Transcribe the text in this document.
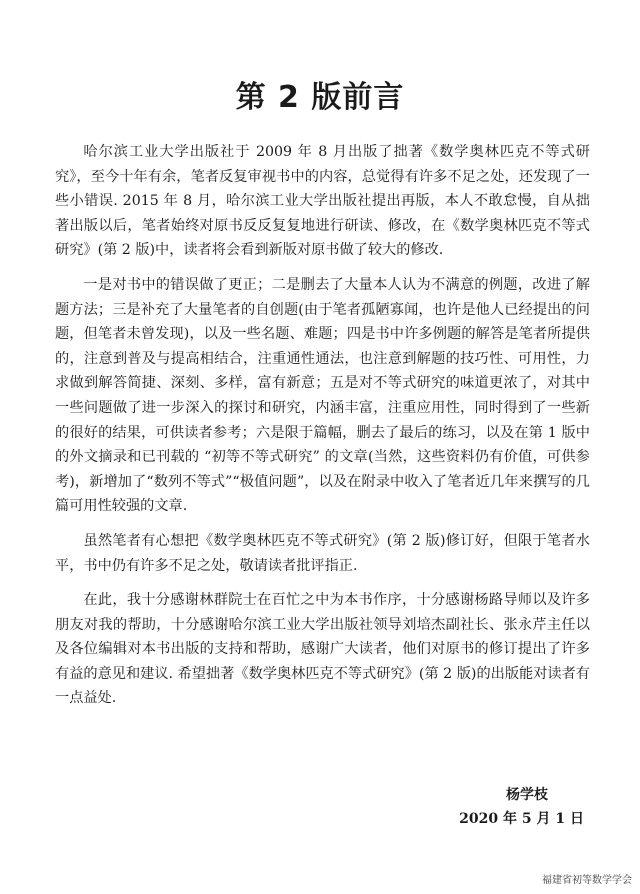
第 2 版前言

哈尔滨工业大学出版社于 2009 年 8 月出版了拙著《数学奥林匹克不等式研究》，至今十年有余，笔者反复审视书中的内容，总觉得有许多不足之处，还发现了一些小错误. 2015 年 8 月，哈尔滨工业大学出版社提出再版，本人不敢怠慢，自从拙著出版以后，笔者始终对原书反反复复地进行研读、修改，在《数学奥林匹克不等式研究》(第 2 版)中，读者将会看到新版对原书做了较大的修改.

一是对书中的错误做了更正；二是删去了大量本人认为不满意的例题，改进了解题方法；三是补充了大量笔者的自创题(由于笔者孤陋寡闻，也许是他人已经提出的问题，但笔者未曾发现)，以及一些名题、难题；四是书中许多例题的解答是笔者所提供的，注意到普及与提高相结合，注重通性通法，也注意到解题的技巧性、可用性，力求做到解答简捷、深刻、多样，富有新意；五是对不等式研究的味道更浓了，对其中一些问题做了进一步深入的探讨和研究，内涵丰富，注重应用性，同时得到了一些新的很好的结果，可供读者参考；六是限于篇幅，删去了最后的练习，以及在第 1 版中的外文摘录和已刊载的 “初等不等式研究” 的文章(当然，这些资料仍有价值，可供参考)，新增加了“数列不等式”“极值问题”，以及在附录中收入了笔者近几年来撰写的几篇可用性较强的文章.

虽然笔者有心想把《数学奥林匹克不等式研究》(第 2 版)修订好，但限于笔者水平，书中仍有许多不足之处，敬请读者批评指正.

在此，我十分感谢林群院士在百忙之中为本书作序，十分感谢杨路导师以及许多朋友对我的帮助，十分感谢哈尔滨工业大学出版社领导刘培杰副社长、张永芹主任以及各位编辑对本书出版的支持和帮助，感谢广大读者，他们对原书的修订提出了许多有益的意见和建议. 希望拙著《数学奥林匹克不等式研究》(第 2 版)的出版能对读者有一点益处.

杨学枝
2020 年 5 月 1 日
福建省初等数学学会
